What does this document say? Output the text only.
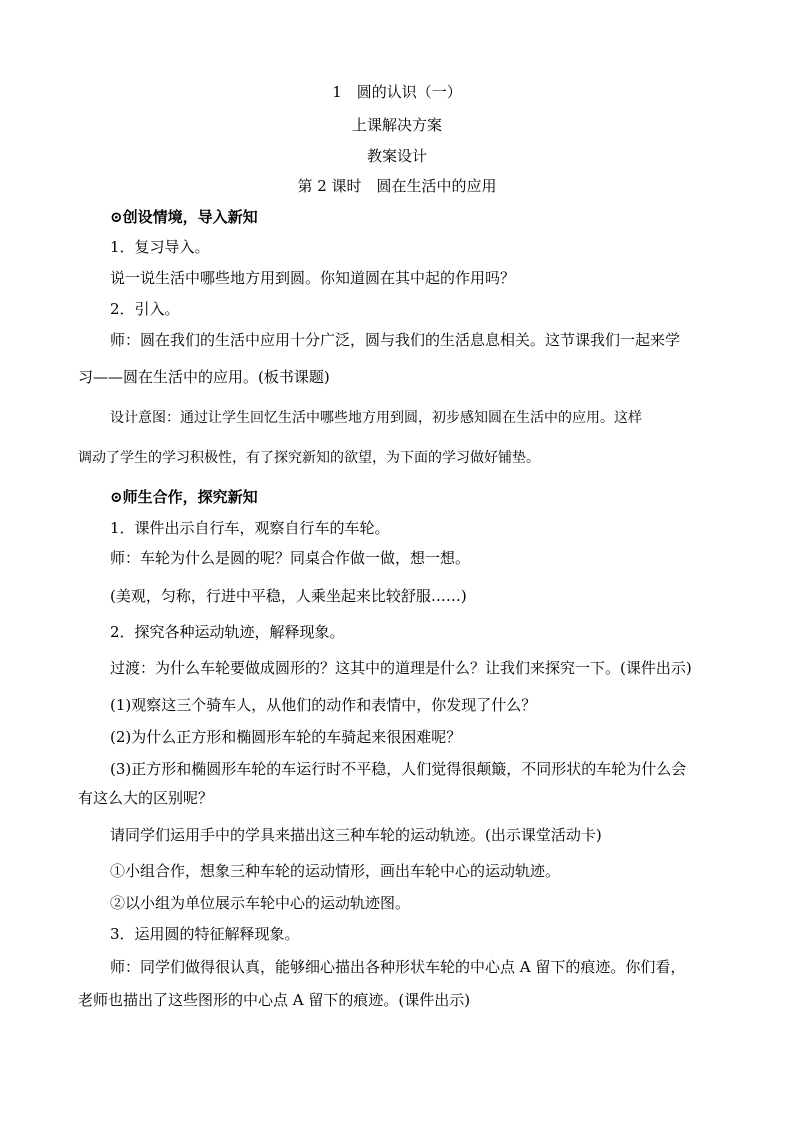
1　圆的认识（一）
上课解决方案
教案设计
第 2 课时　圆在生活中的应用
⊙创设情境，导入新知
1．复习导入。
说一说生活中哪些地方用到圆。你知道圆在其中起的作用吗？
2．引入。
师：圆在我们的生活中应用十分广泛，圆与我们的生活息息相关。这节课我们一起来学
习——圆在生活中的应用。(板书课题)
设计意图：通过让学生回忆生活中哪些地方用到圆，初步感知圆在生活中的应用。这样
调动了学生的学习积极性，有了探究新知的欲望，为下面的学习做好铺垫。
⊙师生合作，探究新知
1．课件出示自行车，观察自行车的车轮。
师：车轮为什么是圆的呢？同桌合作做一做，想一想。
(美观，匀称，行进中平稳，人乘坐起来比较舒服……)
2．探究各种运动轨迹，解释现象。
过渡：为什么车轮要做成圆形的？这其中的道理是什么？让我们来探究一下。(课件出示)
(1)观察这三个骑车人，从他们的动作和表情中，你发现了什么？
(2)为什么正方形和椭圆形车轮的车骑起来很困难呢？
(3)正方形和椭圆形车轮的车运行时不平稳，人们觉得很颠簸，不同形状的车轮为什么会
有这么大的区别呢？
请同学们运用手中的学具来描出这三种车轮的运动轨迹。(出示课堂活动卡)
①小组合作，想象三种车轮的运动情形，画出车轮中心的运动轨迹。
②以小组为单位展示车轮中心的运动轨迹图。
3．运用圆的特征解释现象。
师：同学们做得很认真，能够细心描出各种形状车轮的中心点 A 留下的痕迹。你们看，
老师也描出了这些图形的中心点 A 留下的痕迹。(课件出示)
